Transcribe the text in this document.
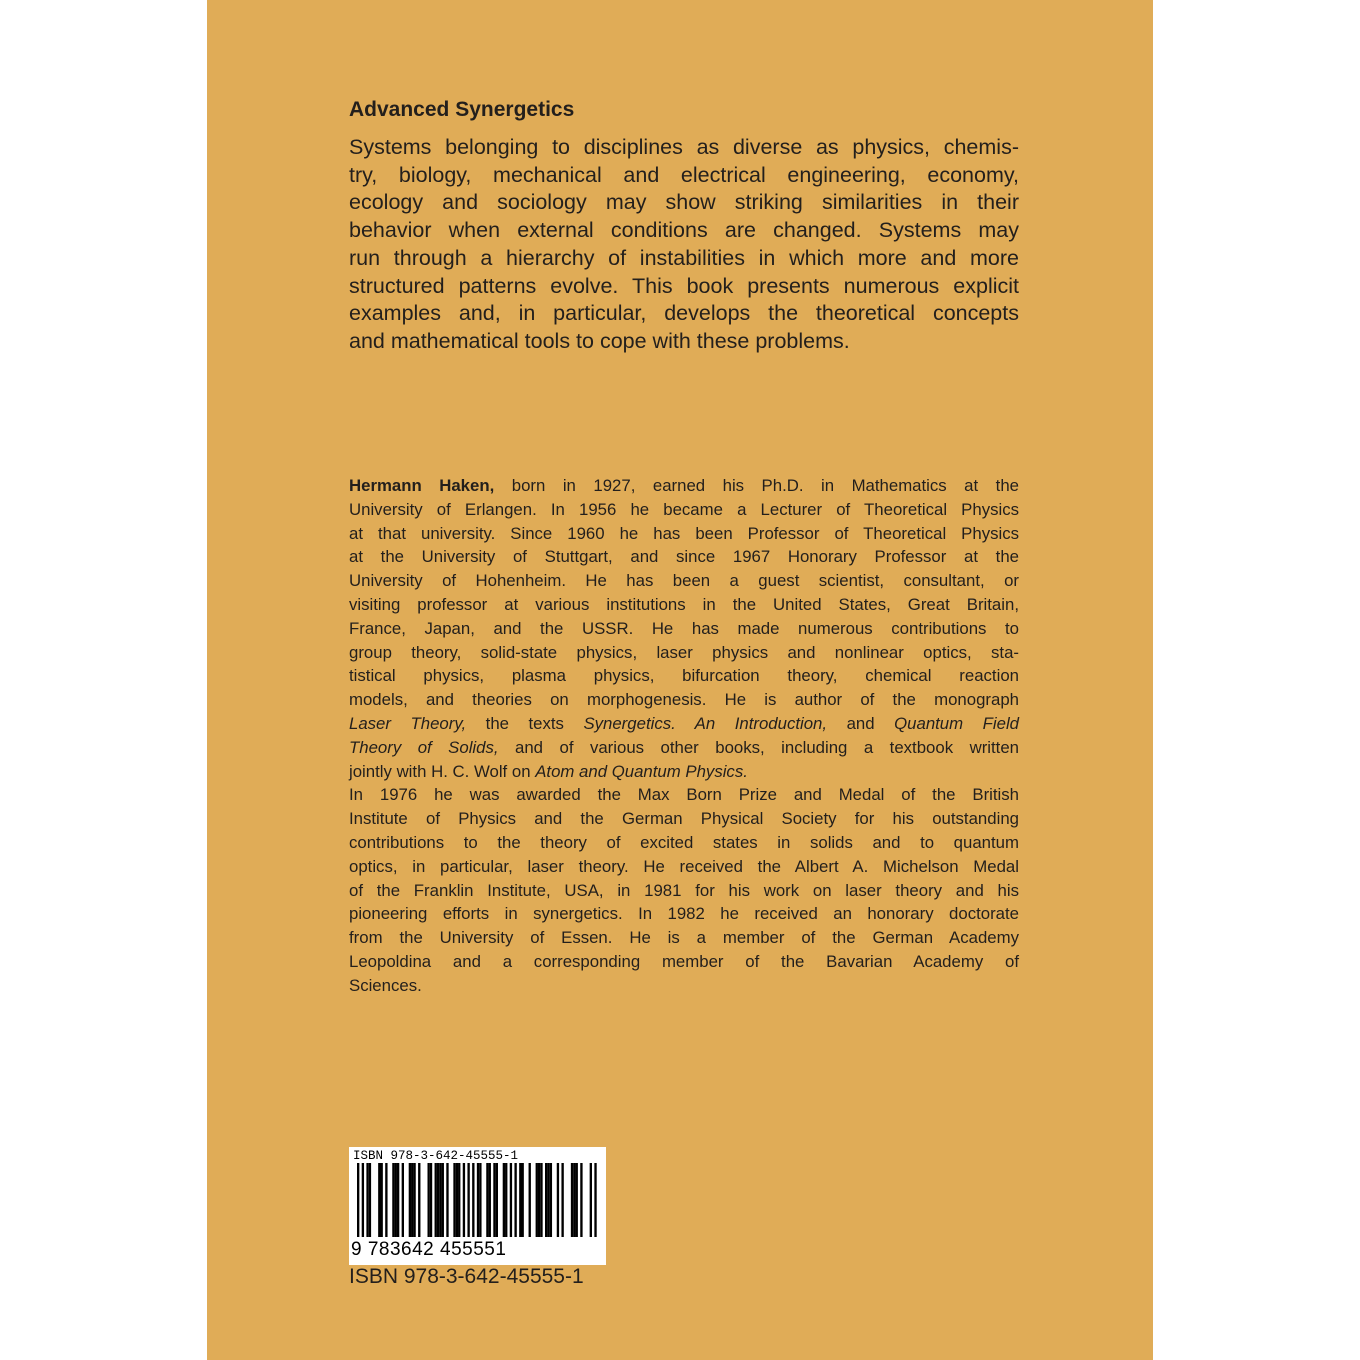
Advanced Synergetics
Systems belonging to disciplines as diverse as physics, chemis-
try, biology, mechanical and electrical engineering, economy,
ecology and sociology may show striking similarities in their
behavior when external conditions are changed. Systems may
run through a hierarchy of instabilities in which more and more
structured patterns evolve. This book presents numerous explicit
examples and, in particular, develops the theoretical concepts
and mathematical tools to cope with these problems.
Hermann Haken, born in 1927, earned his Ph.D. in Mathematics at the
University of Erlangen. In 1956 he became a Lecturer of Theoretical Physics
at that university. Since 1960 he has been Professor of Theoretical Physics
at the University of Stuttgart, and since 1967 Honorary Professor at the
University of Hohenheim. He has been a guest scientist, consultant, or
visiting professor at various institutions in the United States, Great Britain,
France, Japan, and the USSR. He has made numerous contributions to
group theory, solid-state physics, laser physics and nonlinear optics, sta-
tistical physics, plasma physics, bifurcation theory, chemical reaction
models, and theories on morphogenesis. He is author of the monograph
Laser Theory, the texts Synergetics. An Introduction, and Quantum Field
Theory of Solids, and of various other books, including a textbook written
jointly with H. C. Wolf on Atom and Quantum Physics.
In 1976 he was awarded the Max Born Prize and Medal of the British
Institute of Physics and the German Physical Society for his outstanding
contributions to the theory of excited states in solids and to quantum
optics, in particular, laser theory. He received the Albert A. Michelson Medal
of the Franklin Institute, USA, in 1981 for his work on laser theory and his
pioneering efforts in synergetics. In 1982 he received an honorary doctorate
from the University of Essen. He is a member of the German Academy
Leopoldina and a corresponding member of the Bavarian Academy of
Sciences.
ISBN 978-3-642-45555-1
9 783642 455551
ISBN 978-3-642-45555-1
